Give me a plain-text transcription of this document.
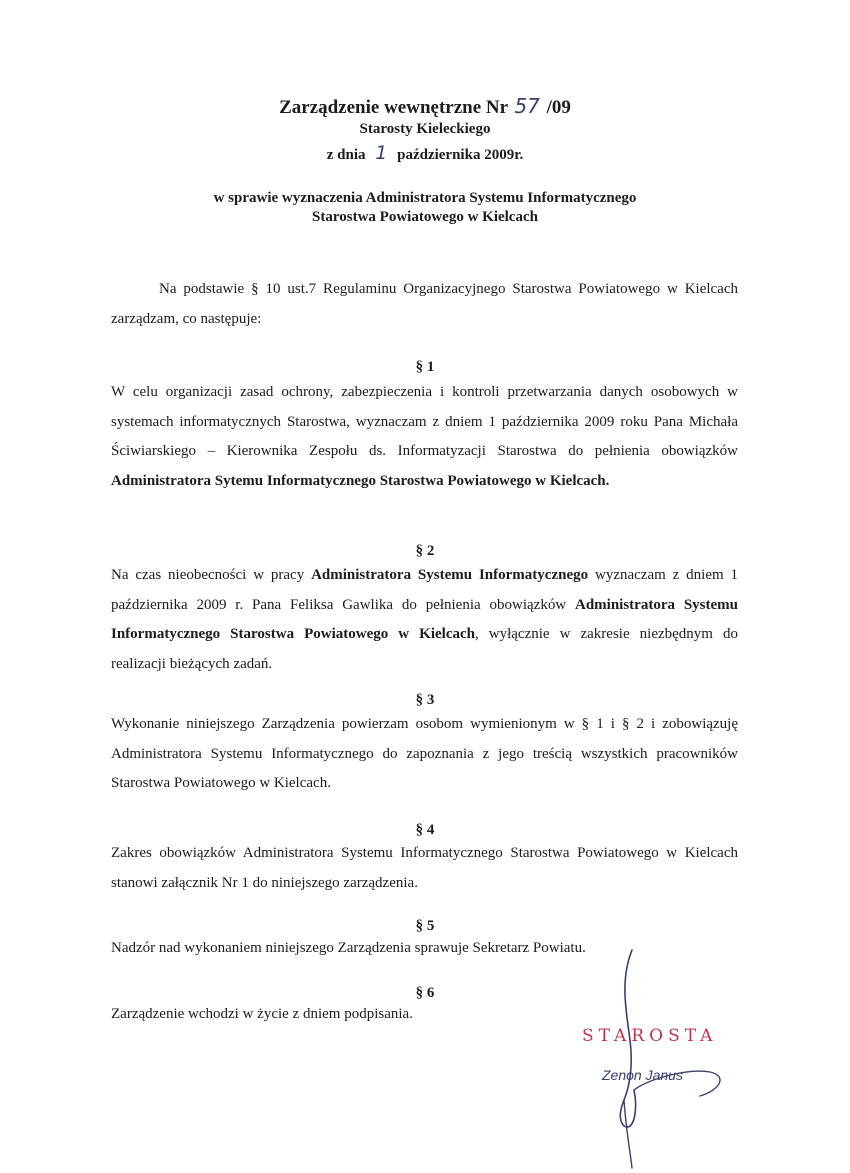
Zarządzenie wewnętrzne Nr 57 /09
Starosty Kieleckiego
z dnia 1 października 2009r.
w sprawie wyznaczenia Administratora Systemu Informatycznego
Starostwa Powiatowego w Kielcach
Na podstawie § 10 ust.7 Regulaminu Organizacyjnego Starostwa Powiatowego w Kielcach zarządzam, co następuje:
§ 1
W celu organizacji zasad ochrony, zabezpieczenia i kontroli przetwarzania danych osobowych w systemach informatycznych Starostwa, wyznaczam z dniem 1 października 2009 roku Pana Michała Ściwiarskiego – Kierownika Zespołu ds. Informatyzacji Starostwa do pełnienia obowiązków Administratora Sytemu Informatycznego Starostwa Powiatowego w Kielcach.
§ 2
Na czas nieobecności w pracy Administratora Systemu Informatycznego wyznaczam z dniem 1 października 2009 r. Pana Feliksa Gawlika do pełnienia obowiązków Administratora Systemu Informatycznego Starostwa Powiatowego w Kielcach, wyłącznie w zakresie niezbędnym do realizacji bieżących zadań.
§ 3
Wykonanie niniejszego Zarządzenia powierzam osobom wymienionym w § 1 i § 2 i zobowiązuję Administratora Systemu Informatycznego do zapoznania z jego treścią wszystkich pracowników Starostwa Powiatowego w Kielcach.
§ 4
Zakres obowiązków Administratora Systemu Informatycznego Starostwa Powiatowego w Kielcach stanowi załącznik Nr 1 do niniejszego zarządzenia.
§ 5
Nadzór nad wykonaniem niniejszego Zarządzenia sprawuje Sekretarz Powiatu.
§ 6
Zarządzenie wchodzi w życie z dniem podpisania.
STAROSTA
Zenon Janus
